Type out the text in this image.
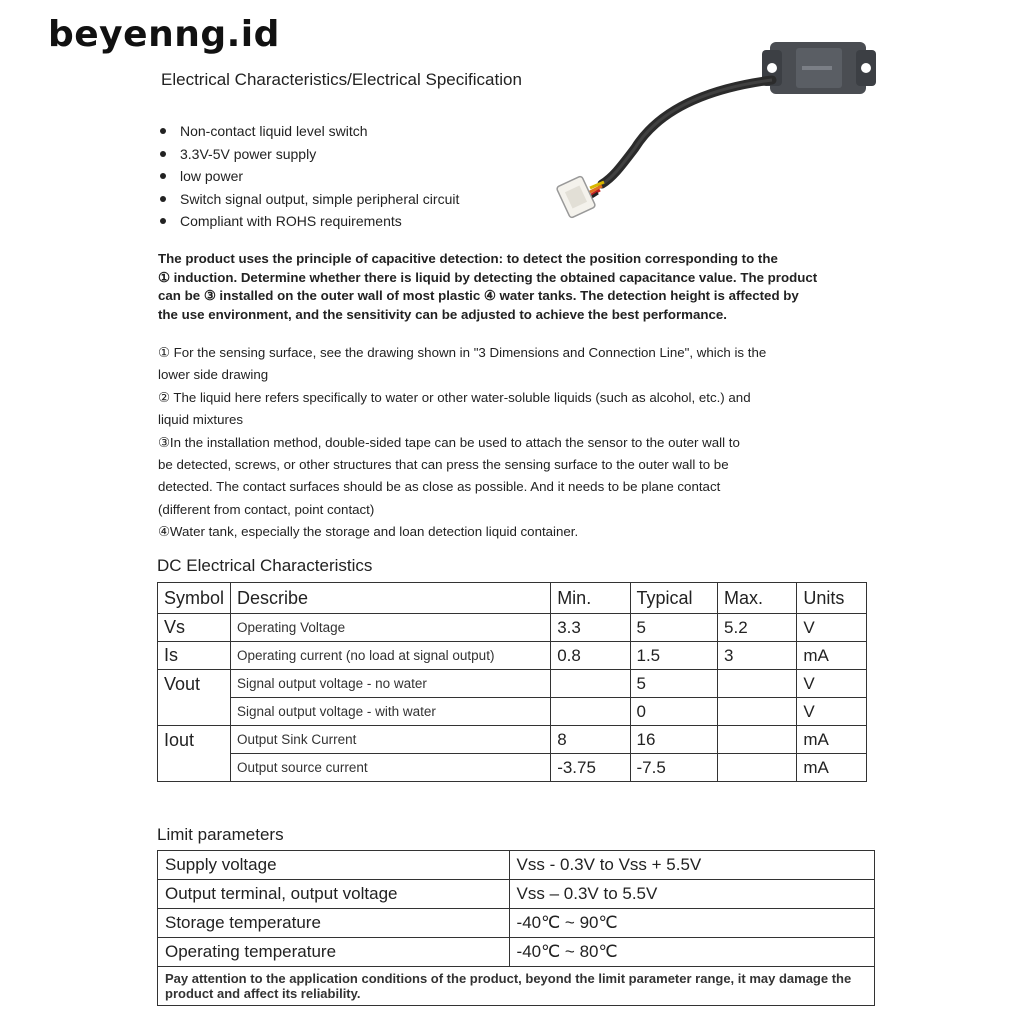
beyenng.id
Electrical Characteristics/Electrical Specification
Non-contact liquid level switch
3.3V-5V power supply
low power
Switch signal output, simple peripheral circuit
Compliant with ROHS requirements

The product uses the principle of capacitive detection: to detect the position corresponding to the

① induction. Determine whether there is liquid by detecting the obtained capacitance value. The product

can be ③ installed on the outer wall of most plastic ④ water tanks. The detection height is affected by

the use environment, and the sensitivity can be adjusted to achieve the best performance.

① For the sensing surface, see the drawing shown in "3 Dimensions and Connection Line", which is the

lower side drawing

② The liquid here refers specifically to water or other water-soluble liquids (such as alcohol, etc.) and

liquid mixtures

③In the installation method, double-sided tape can be used to attach the sensor to the outer wall to

be detected, screws, or other structures that can press the sensing surface to the outer wall to be

detected. The contact surfaces should be as close as possible. And it needs to be plane contact

(different from contact, point contact)

④Water tank, especially the storage and loan detection liquid container.

DC Electrical Characteristics
Symbol	Describe	Min.	Typical	Max.	Units
Vs	Operating Voltage	3.3	5	5.2	V
Is	Operating current (no load at signal output)	0.8	1.5	3	mA
Vout	Signal output voltage - no water		5		V
	Signal output voltage - with water		0		V
Iout	Output Sink Current	8	16		mA
	Output source current	-3.75	-7.5		mA
Limit parameters
Supply voltage	Vss - 0.3V to Vss + 5.5V
Output terminal, output voltage	Vss – 0.3V to 5.5V
Storage temperature	-40℃ ~ 90℃
Operating temperature	-40℃ ~ 80℃
Pay attention to the application conditions of the product, beyond the limit parameter range, it may damage the product and affect its reliability.	
